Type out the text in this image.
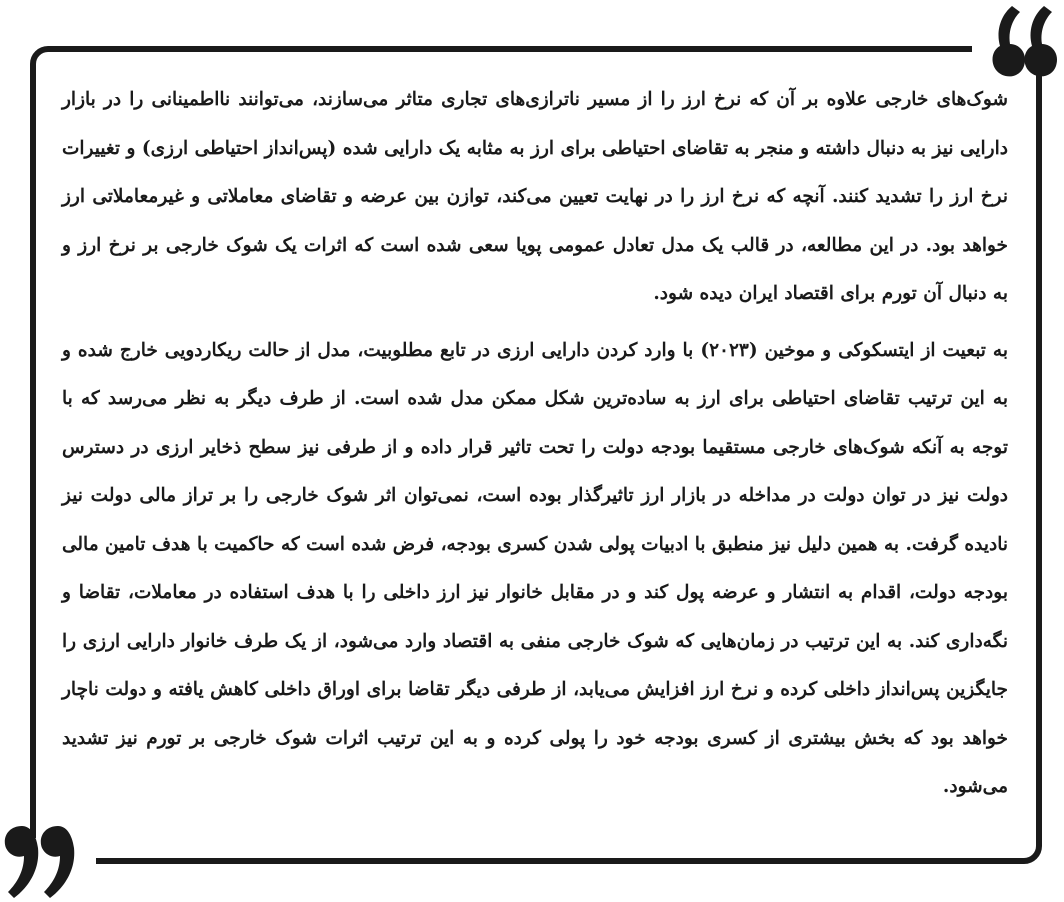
شوک‌های خارجی علاوه بر آن که نرخ ارز را از مسیر ناترازی‌های تجاری متاثر می‌سازند، می‌توانند نااطمینانی را در بازار دارایی نیز به دنبال داشته و منجر به تقاضای احتیاطی برای ارز به مثابه یک دارایی شده (پس‌انداز احتیاطی ارزی) و تغییرات نرخ ارز را تشدید کنند. آنچه که نرخ ارز را در نهایت تعیین می‌کند، توازن بین عرضه و تقاضای معاملاتی و غیرمعاملاتی ارز خواهد بود. در این مطالعه، در قالب یک مدل تعادل عمومی پویا سعی شده است که اثرات یک شوک خارجی بر نرخ ارز و به دنبال آن تورم برای اقتصاد ایران دیده شود.

به تبعیت از ایتسکوکی و موخین (۲۰۲۳) با وارد کردن دارایی ارزی در تابع مطلوبیت، مدل از حالت ریکاردویی خارج شده و به این ترتیب تقاضای احتیاطی برای ارز به ساده‌ترین شکل ممکن مدل شده است. از طرف دیگر به نظر می‌رسد که با توجه به آنکه شوک‌های خارجی مستقیما بودجه دولت را تحت تاثیر قرار داده و از طرفی نیز سطح ذخایر ارزی در دسترس دولت نیز در توان دولت در مداخله در بازار ارز تاثیرگذار بوده است، نمی‌توان اثر شوک خارجی را بر تراز مالی دولت نیز نادیده گرفت. به همین دلیل نیز منطبق با ادبیات پولی شدن کسری بودجه، فرض شده است که حاکمیت با هدف تامین مالی بودجه دولت، اقدام به انتشار و عرضه پول کند و در مقابل خانوار نیز ارز داخلی را با هدف استفاده در معاملات، تقاضا و نگه‌داری کند. به این ترتیب در زمان‌هایی که شوک خارجی منفی به اقتصاد وارد می‌شود، از یک طرف خانوار دارایی ارزی را جایگزین پس‌انداز داخلی کرده و نرخ ارز افزایش می‌یابد، از طرفی دیگر تقاضا برای اوراق داخلی کاهش یافته و دولت ناچار خواهد بود که بخش بیشتری از کسری بودجه خود را پولی کرده و به این ترتیب اثرات شوک خارجی بر تورم نیز تشدید می‌شود.
